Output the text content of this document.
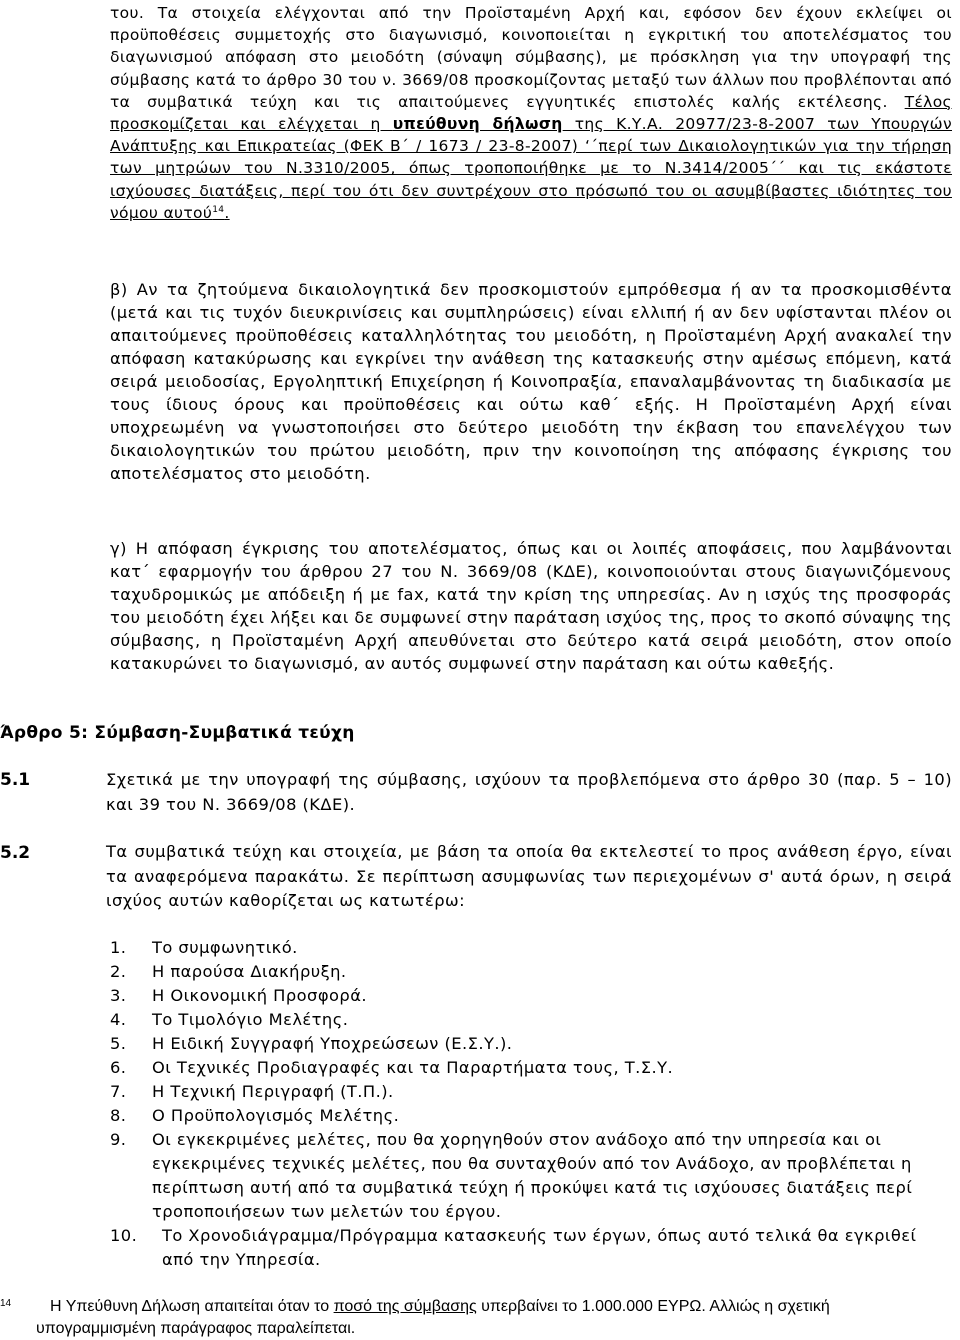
του. Τα στοιχεία ελέγχονται από την Προϊσταμένη Αρχή και, εφόσον δεν έχουν εκλείψει οι προϋποθέσεις συμμετοχής στο διαγωνισμό, κοινοποιείται η εγκριτική του αποτελέσματος του διαγωνισμού απόφαση στο μειοδότη (σύναψη σύμβασης), με πρόσκληση για την υπογραφή της σύμβασης κατά το άρθρο 30 του ν. 3669/08 προσκομίζοντας μεταξύ των άλλων που προβλέπονται από τα συμβατικά τεύχη και τις απαιτούμενες εγγυητικές επιστολές καλής εκτέλεσης. Τέλος προσκομίζεται και ελέγχεται η υπεύθυνη δήλωση της Κ.Υ.Α. 20977/23-8-2007 των Υπουργών Ανάπτυξης και Επικρατείας (ΦΕΚ Β΄ / 1673 / 23-8-2007) ‘΄περί των Δικαιολογητικών για την τήρηση των μητρώων του Ν.3310/2005, όπως τροποποιήθηκε με το Ν.3414/2005΄΄ και τις εκάστοτε ισχύουσες διατάξεις, περί του ότι δεν συντρέχουν στο πρόσωπό του οι ασυμβίβαστες ιδιότητες του νόμου αυτού$^{14}$.
β) Αν τα ζητούμενα δικαιολογητικά δεν προσκομιστούν εμπρόθεσμα ή αν τα προσκομισθέντα (μετά και τις τυχόν διευκρινίσεις και συμπληρώσεις) είναι ελλιπή ή αν δεν υφίστανται πλέον οι απαιτούμενες προϋποθέσεις καταλληλότητας του μειοδότη, η Προϊσταμένη Αρχή ανακαλεί την απόφαση κατακύρωσης και εγκρίνει την ανάθεση της κατασκευής στην αμέσως επόμενη, κατά σειρά μειοδοσίας, Εργοληπτική Επιχείρηση ή Κοινοπραξία, επαναλαμβάνοντας τη διαδικασία με τους ίδιους όρους και προϋποθέσεις και ούτω καθ΄ εξής. Η Προϊσταμένη Αρχή είναι υποχρεωμένη να γνωστοποιήσει στο δεύτερο μειοδότη την έκβαση του επανελέγχου των δικαιολογητικών του πρώτου μειοδότη, πριν την κοινοποίηση της απόφασης έγκρισης του αποτελέσματος στο μειοδότη.
γ) Η απόφαση έγκρισης του αποτελέσματος, όπως και οι λοιπές αποφάσεις, που λαμβάνονται κατ΄ εφαρμογήν του άρθρου 27 του Ν. 3669/08 (ΚΔΕ), κοινοποιούνται στους διαγωνιζόμενους ταχυδρομικώς με απόδειξη ή με fax, κατά την κρίση της υπηρεσίας. Αν η ισχύς της προσφοράς του μειοδότη έχει λήξει και δε συμφωνεί στην παράταση ισχύος της, προς το σκοπό σύναψης της σύμβασης, η Προϊσταμένη Αρχή απευθύνεται στο δεύτερο κατά σειρά μειοδότη, στον οποίο κατακυρώνει το διαγωνισμό, αν αυτός συμφωνεί στην παράταση και ούτω καθεξής.
Άρθρο 5: Σύμβαση-Συμβατικά τεύχη
5.1	Σχετικά με την υπογραφή της σύμβασης, ισχύουν τα προβλεπόμενα στο άρθρο 30 (παρ. 5 – 10) και 39 του Ν. 3669/08 (ΚΔΕ).
5.2	Τα συμβατικά τεύχη και στοιχεία, με βάση τα οποία θα εκτελεστεί το προς ανάθεση έργο, είναι τα αναφερόμενα παρακάτω. Σε περίπτωση ασυμφωνίας των περιεχομένων σ' αυτά όρων, η σειρά ισχύος αυτών καθορίζεται ως κατωτέρω:
1. Το συμφωνητικό.
2. Η παρούσα Διακήρυξη.
3. Η Οικονομική Προσφορά.
4. Το Τιμολόγιο Μελέτης.
5. Η Ειδική Συγγραφή Υποχρεώσεων (Ε.Σ.Υ.).
6. Οι Τεχνικές Προδιαγραφές και τα Παραρτήματα τους, Τ.Σ.Υ.
7. Η Τεχνική Περιγραφή (Τ.Π.).
8. Ο Προϋπολογισμός Μελέτης.
9. Οι εγκεκριμένες μελέτες, που θα χορηγηθούν στον ανάδοχο από την υπηρεσία και οι εγκεκριμένες τεχνικές μελέτες, που θα συνταχθούν από τον Ανάδοχο, αν προβλέπεται η περίπτωση αυτή από τα συμβατικά τεύχη ή προκύψει κατά τις ισχύουσες διατάξεις περί τροποποιήσεων των μελετών του έργου.
10. Το Χρονοδιάγραμμα/Πρόγραμμα κατασκευής των έργων, όπως αυτό τελικά θα εγκριθεί από την Υπηρεσία.
14	Η Υπεύθυνη Δήλωση απαιτείται όταν το ποσό της σύμβασης υπερβαίνει το 1.000.000 ΕΥΡΩ. Αλλιώς η σχετική υπογραμμισμένη παράγραφος παραλείπεται.
